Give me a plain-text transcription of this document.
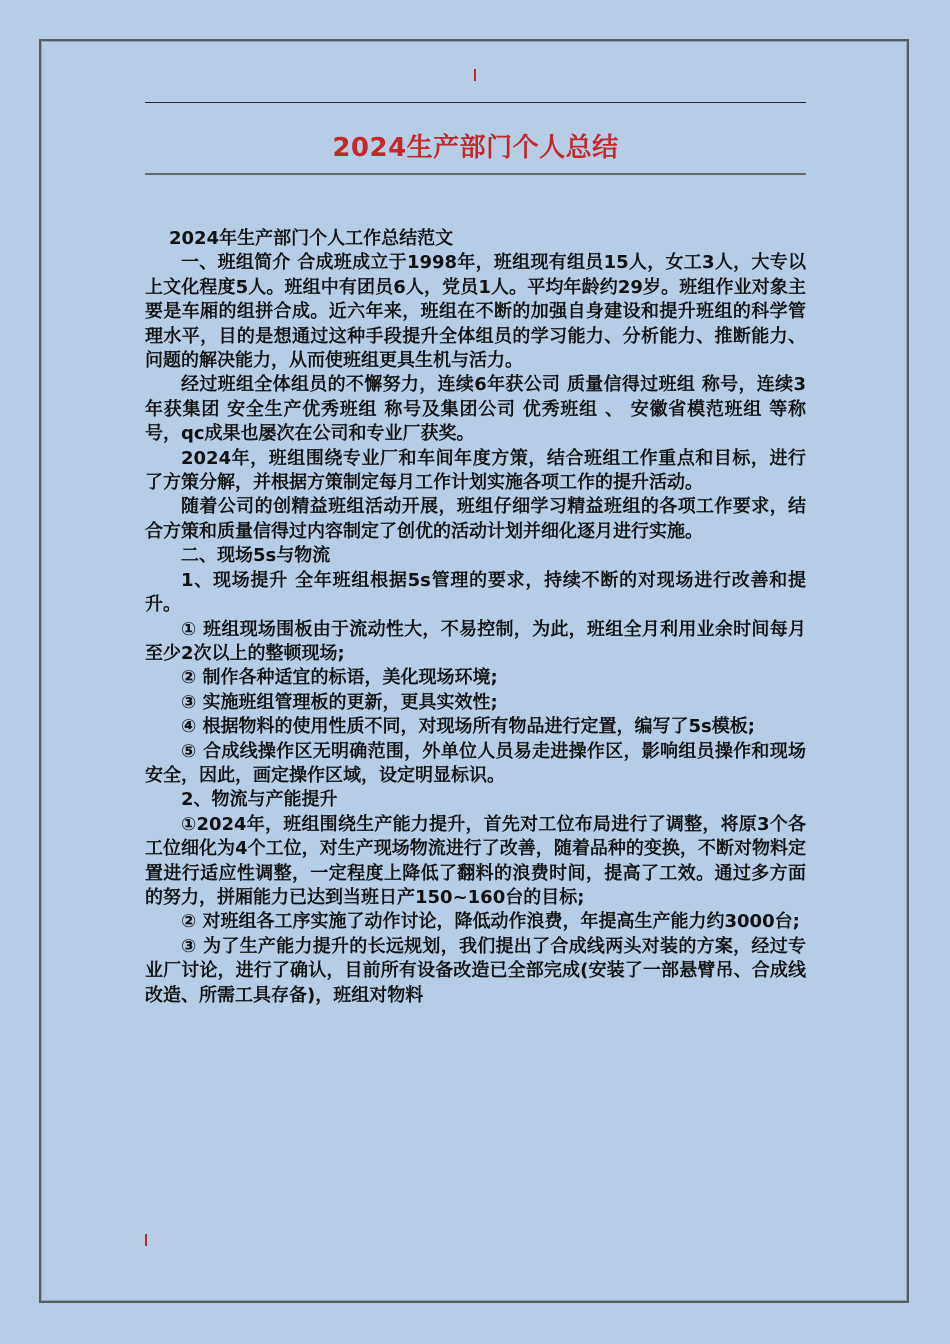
2024生产部门个人总结

2024年生产部门个人工作总结范文

一、班组简介 合成班成立于1998年，班组现有组员15人，女工3人，大专以上文化程度5人。班组中有团员6人，党员1人。平均年龄约29岁。班组作业对象主要是车厢的组拼合成。近六年来，班组在不断的加强自身建设和提升班组的科学管理水平，目的是想通过这种手段提升全体组员的学习能力、分析能力、推断能力、问题的解决能力，从而使班组更具生机与活力。

经过班组全体组员的不懈努力，连续6年获公司 质量信得过班组 称号，连续3年获集团 安全生产优秀班组 称号及集团公司 优秀班组 、 安徽省模范班组 等称号，qc成果也屡次在公司和专业厂获奖。

2024年，班组围绕专业厂和车间年度方策，结合班组工作重点和目标，进行了方策分解，并根据方策制定每月工作计划实施各项工作的提升活动。

随着公司的创精益班组活动开展，班组仔细学习精益班组的各项工作要求，结合方策和质量信得过内容制定了创优的活动计划并细化逐月进行实施。

二、现场5s与物流

1、现场提升 全年班组根据5s管理的要求，持续不断的对现场进行改善和提升。

① 班组现场围板由于流动性大，不易控制，为此，班组全月利用业余时间每月至少2次以上的整顿现场;

② 制作各种适宜的标语，美化现场环境;

③ 实施班组管理板的更新，更具实效性;

④ 根据物料的使用性质不同，对现场所有物品进行定置，编写了5s模板;

⑤ 合成线操作区无明确范围，外单位人员易走进操作区，影响组员操作和现场安全，因此，画定操作区域，设定明显标识。

2、物流与产能提升

①2024年，班组围绕生产能力提升，首先对工位布局进行了调整，将原3个各工位细化为4个工位，对生产现场物流进行了改善，随着品种的变换，不断对物料定置进行适应性调整，一定程度上降低了翻料的浪费时间，提高了工效。通过多方面的努力，拼厢能力已达到当班日产150~160台的目标;

② 对班组各工序实施了动作讨论，降低动作浪费，年提高生产能力约3000台;

③ 为了生产能力提升的长远规划，我们提出了合成线两头对装的方案，经过专业厂讨论，进行了确认，目前所有设备改造已全部完成(安装了一部悬臂吊、合成线改造、所需工具存备)，班组对物料
